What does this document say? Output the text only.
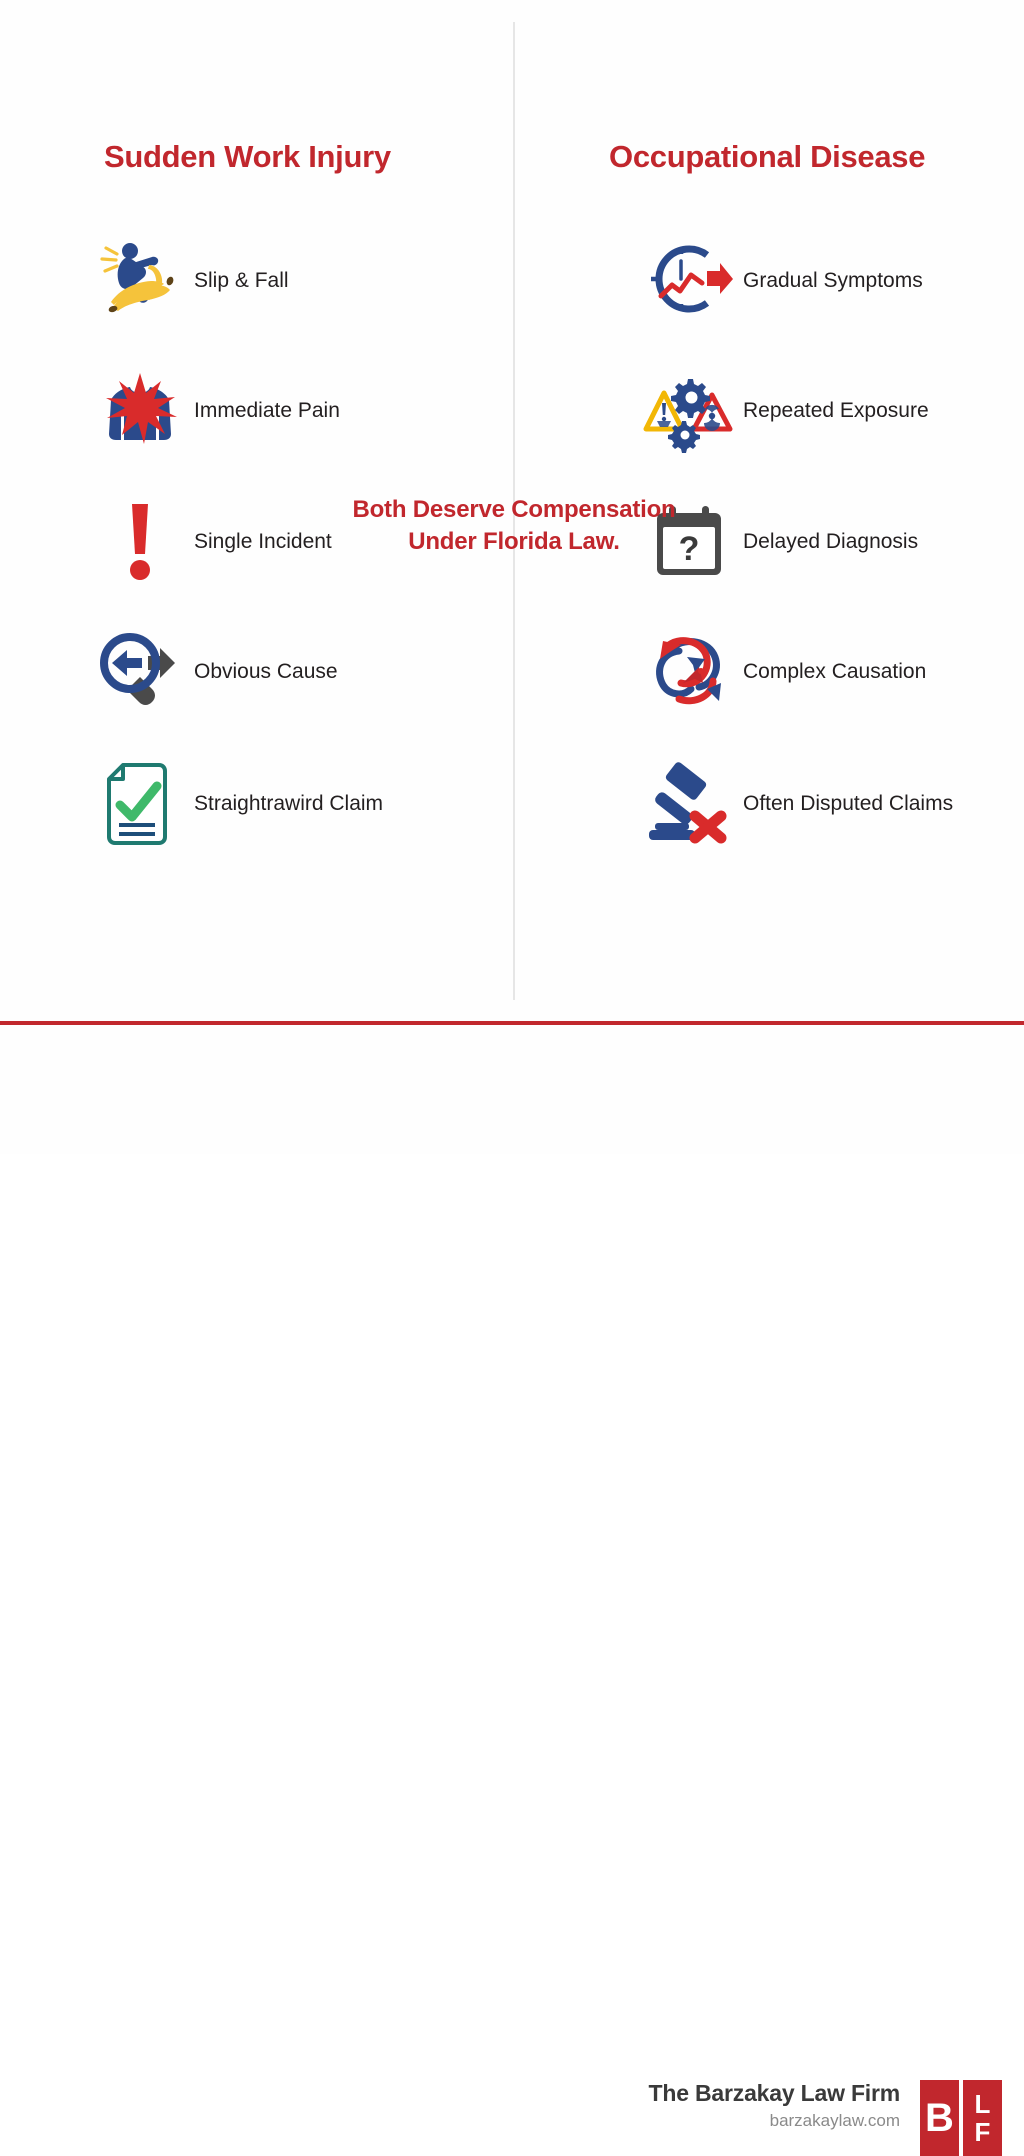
Sudden Work Injury
Slip & Fall
Immediate Pain
Single Incident
Obvious Cause
Straightrawird Claim
Occupational Disease
Gradual Symptoms
Repeated Exposure
? Delayed Diagnosis
Complex Causation
Often Disputed Claims
Both Deserve Compensation
Under Florida Law.
The Barzakay Law Firm
barzakaylaw.com B L
F
